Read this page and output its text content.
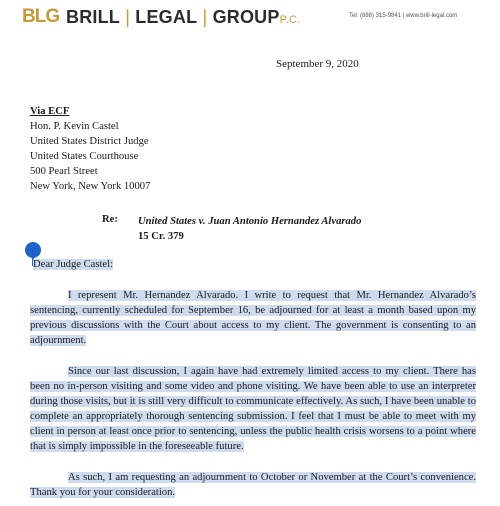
BLG BRILL | LEGAL | GROUPP.C.	Tel: (888) 315-9841 | www.brill-legal.com
September 9, 2020
Via ECF
Hon. P. Kevin Castel
United States District Judge
United States Courthouse
500 Pearl Street
New York, New York 10007
Re: United States v. Juan Antonio Hernandez Alvarado
15 Cr. 379
Dear Judge Castel:
I represent Mr. Hernandez Alvarado. I write to request that Mr. Hernandez Alvarado’s sentencing, currently scheduled for September 16, be adjourned for at least a month based upon my previous discussions with the Court about access to my client. The government is consenting to an adjournment.
Since our last discussion, I again have had extremely limited access to my client. There has been no in-person visiting and some video and phone visiting. We have been able to use an interpreter during those visits, but it is still very difficult to communicate effectively. As such, I have been unable to complete an appropriately thorough sentencing submission. I feel that I must be able to meet with my client in person at least once prior to sentencing, unless the public health crisis worsens to a point where that is simply impossible in the foreseeable future.
As such, I am requesting an adjournment to October or November at the Court’s convenience. Thank you for your consideration.
